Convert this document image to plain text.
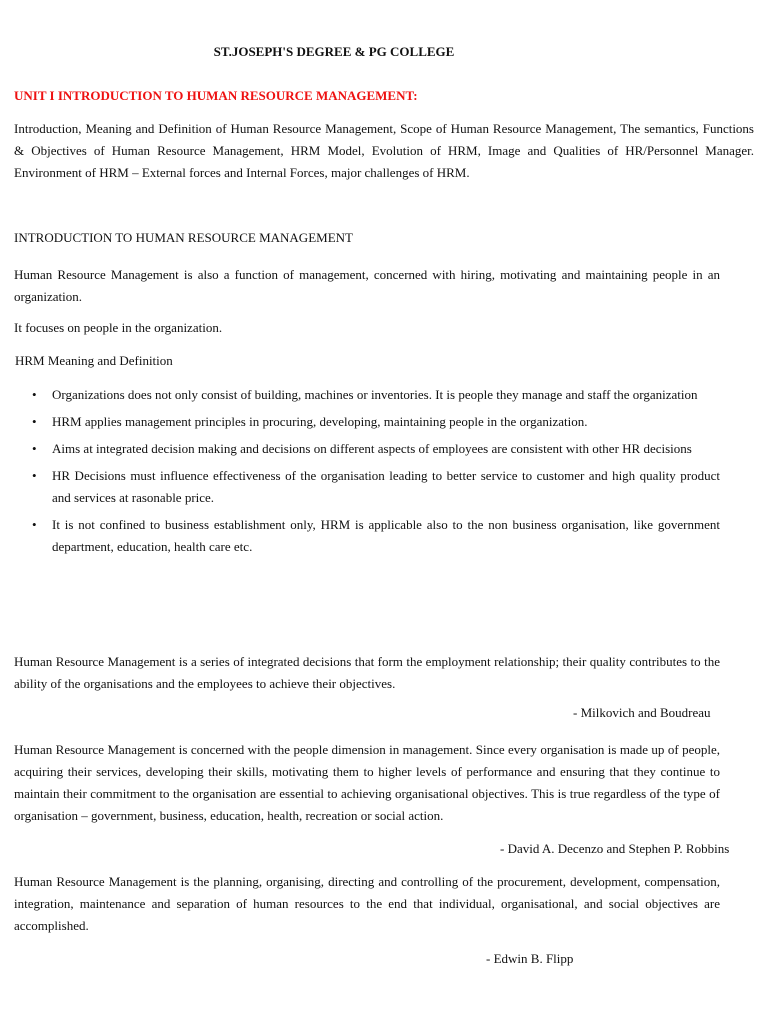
ST.JOSEPH'S DEGREE & PG COLLEGE
UNIT I INTRODUCTION TO HUMAN RESOURCE MANAGEMENT:
Introduction, Meaning and Definition of Human Resource Management, Scope of Human Resource Management, The semantics, Functions & Objectives of Human Resource Management, HRM Model, Evolution of HRM, Image and Qualities of HR/Personnel Manager. Environment of HRM – External forces and Internal Forces, major challenges of HRM.
INTRODUCTION TO HUMAN RESOURCE MANAGEMENT
Human Resource Management is also a function of management, concerned with hiring, motivating and maintaining people in an organization.
It focuses on people in the organization.
HRM Meaning and Definition
• Organizations does not only consist of building, machines or inventories. It is people they manage and staff the organization
• HRM applies management principles in procuring, developing, maintaining people in the organization.
• Aims at integrated decision making and decisions on different aspects of employees are consistent with other HR decisions
• HR Decisions must influence effectiveness of the organisation leading to better service to customer and high quality product and services at rasonable price.
• It is not confined to business establishment only, HRM is applicable also to the non business organisation, like government department, education, health care etc.
Human Resource Management is a series of integrated decisions that form the employment relationship; their quality contributes to the ability of the organisations and the employees to achieve their objectives.
- Milkovich and Boudreau
Human Resource Management is concerned with the people dimension in management. Since every organisation is made up of people, acquiring their services, developing their skills, motivating them to higher levels of performance and ensuring that they continue to maintain their commitment to the organisation are essential to achieving organisational objectives. This is true regardless of the type of organisation – government, business, education, health, recreation or social action.
- David A. Decenzo and Stephen P. Robbins
Human Resource Management is the planning, organising, directing and controlling of the procurement, development, compensation, integration, maintenance and separation of human resources to the end that individual, organisational, and social objectives are accomplished.
- Edwin B. Flipp
